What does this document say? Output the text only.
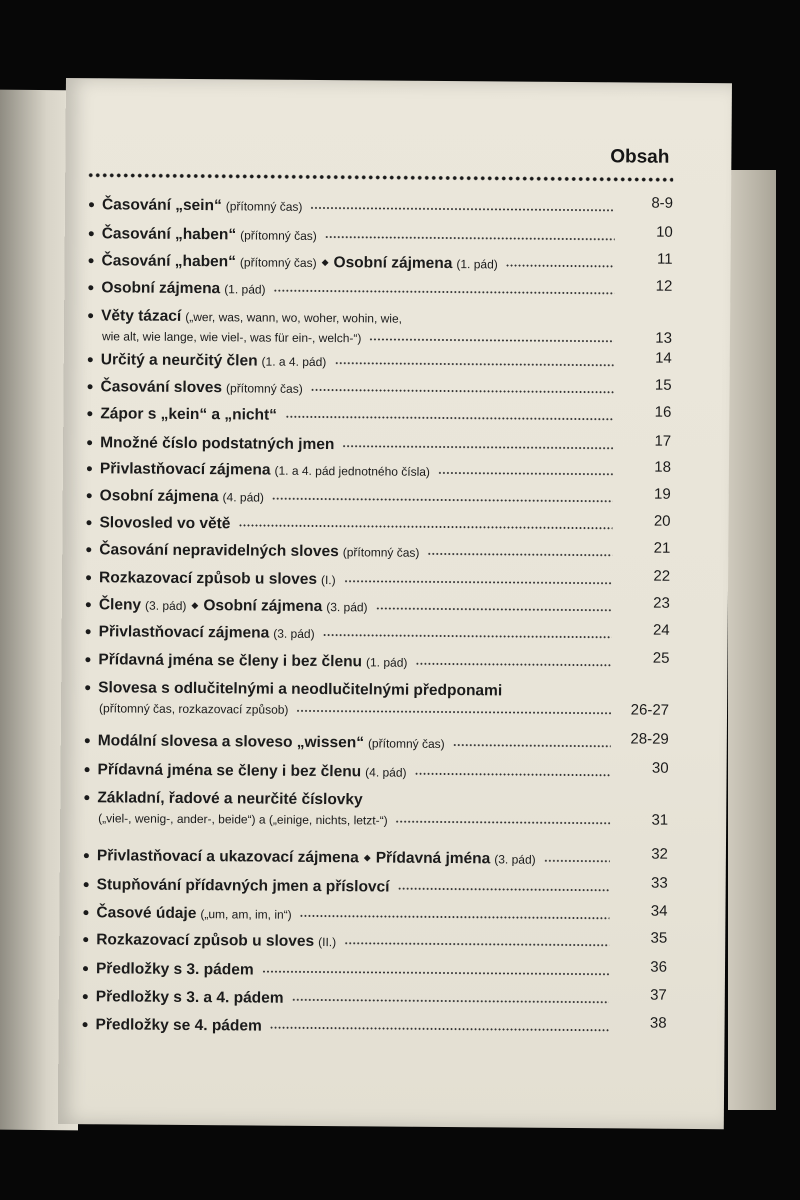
Obsah
Časování „sein“ (přítomný čas)	8-9
Časování „haben“ (přítomný čas)	10
Časování „haben“ (přítomný čas) ◆ Osobní zájmena (1. pád)	11
Osobní zájmena (1. pád)	12
Věty tázací („wer, was, wann, wo, woher, wohin, wie,
wie alt, wie lange, wie viel-, was für ein-, welch-“)	13
Určitý a neurčitý člen (1. a 4. pád)	14
Časování sloves (přítomný čas)	15
Zápor s „kein“ a „nicht“	16
Množné číslo podstatných jmen	17
Přivlastňovací zájmena (1. a 4. pád jednotného čísla)	18
Osobní zájmena (4. pád)	19
Slovosled vo větě	20
Časování nepravidelných sloves (přítomný čas)	21
Rozkazovací způsob u sloves (I.)	22
Členy (3. pád) ◆ Osobní zájmena (3. pád)	23
Přivlastňovací zájmena (3. pád)	24
Přídavná jména se členy i bez členu (1. pád)	25
Slovesa s odlučitelnými a neodlučitelnými předponami
(přítomný čas, rozkazovací způsob)	26-27
Modální slovesa a sloveso „wissen“ (přítomný čas)	28-29
Přídavná jména se členy i bez členu (4. pád)	30
Základní, řadové a neurčité číslovky
(„viel-, wenig-, ander-, beide“) a („einige, nichts, letzt-“)	31
Přivlastňovací a ukazovací zájmena ◆ Přídavná jména (3. pád)	32
Stupňování přídavných jmen a příslovcí	33
Časové údaje („um, am, im, in“)	34
Rozkazovací způsob u sloves (II.)	35
Předložky s 3. pádem	36
Předložky s 3. a 4. pádem	37
Předložky se 4. pádem	38
